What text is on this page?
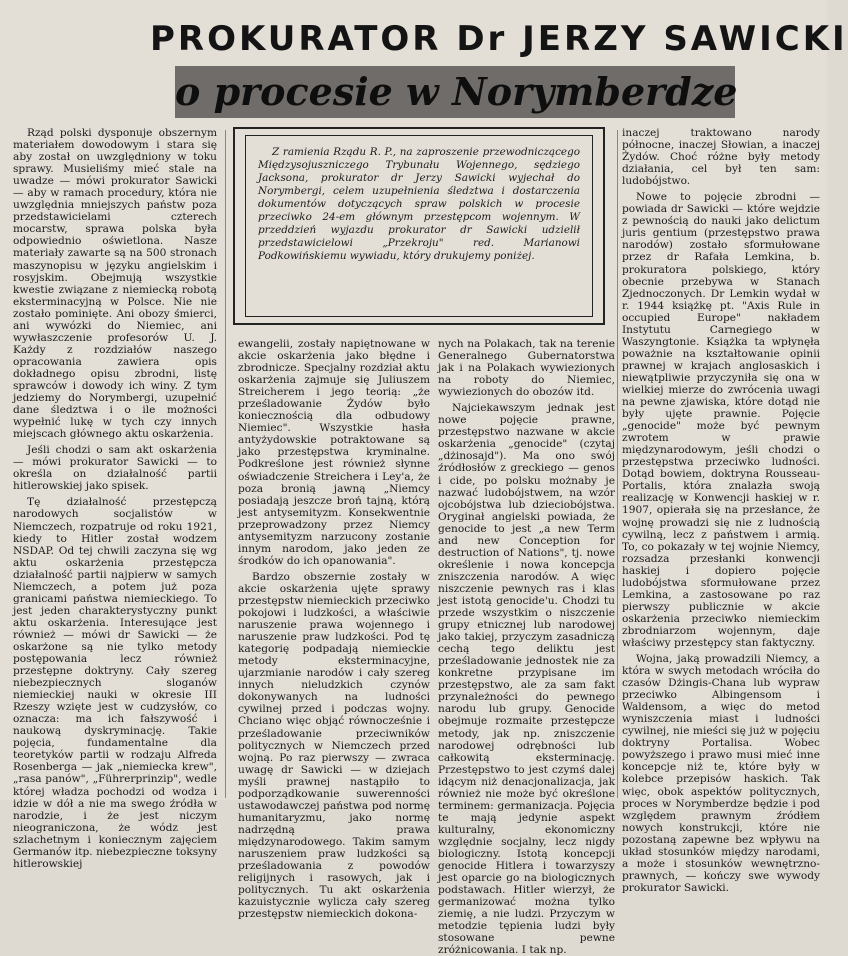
PROKURATOR Dr JERZY SAWICKI
o procesie w Norymberdze

Z ramienia Rządu R. P., na zaproszenie przewodniczącego Międzysojuszniczego Trybunału Wojennego, sędziego Jacksona, prokurator dr Jerzy Sawicki wyjechał do Norymbergi, celem uzupełnienia śledztwa i dostarczenia dokumentów dotyczących spraw polskich w procesie przeciwko 24-em głównym przestępcom wojennym. W przeddzień wyjazdu prokurator dr Sawicki udzielił przedstawicielowi „Przekroju" red. Marianowi Podkowińskiemu wywiadu, który drukujemy poniżej.

Rząd polski dysponuje obszernym materiałem dowodowym i stara się aby został on uwzględniony w toku sprawy. Musieliśmy mieć stale na uwadze — mówi prokurator Sawicki — aby w ramach procedury, która nie uwzględnia mniejszych państw poza przedstawicielami czterech mocarstw, sprawa polska była odpowiednio oświetlona. Nasze materiały zawarte są na 500 stronach maszynopisu w języku angielskim i rosyjskim. Obejmują wszystkie kwestie związane z niemiecką robotą eksterminacyjną w Polsce. Nie nie zostało pominięte. Ani obozy śmierci, ani wywózki do Niemiec, ani wywłaszczenie profesorów U. J. Każdy z rozdziałów naszego opracowania zawiera opis dokładnego opisu zbrodni, listę sprawców i dowody ich winy. Z tym jedziemy do Norymbergi, uzupełnić dane śledztwa i o ile możności wypełnić lukę w tych czy innych miejscach głównego aktu oskarżenia.

Jeśli chodzi o sam akt oskarżenia — mówi prokurator Sawicki — to określa on działalność partii hitlerowskiej jako spisek.

Tę działalność przestępczą narodowych socjalistów w Niemczech, rozpatruje od roku 1921, kiedy to Hitler został wodzem NSDAP. Od tej chwili zaczyna się wg aktu oskarżenia przestępcza działalność partii najpierw w samych Niemczech, a potem już poza granicami państwa niemieckiego. To jest jeden charakterystyczny punkt aktu oskarżenia. Interesujące jest również — mówi dr Sawicki — że oskarżone są nie tylko metody postępowania lecz również przestępne doktryny. Cały szereg niebezpiecznych sloganów niemieckiej nauki w okresie III Rzeszy wzięte jest w cudzysłów, co oznacza: ma ich fałszywość i naukową dyskryminację. Takie pojęcia, fundamentalne dla teoretyków partii w rodzaju Alfreda Rosenberga — jak „niemiecka krew", „rasa panów", „Führerprinzip", wedle której władza pochodzi od wodza i idzie w dół a nie ma swego źródła w narodzie, i że jest niczym nieograniczona, że wódz jest szlachetnym i koniecznym zajęciem Germanów itp. niebezpieczne toksyny hitlerowskiej

ewangelii, zostały napiętnowane w akcie oskarżenia jako błędne i zbrodnicze. Specjalny rozdział aktu oskarżenia zajmuje się Juliuszem Streicherem i jego teorią: „że prześladowanie Żydów było koniecznością dla odbudowy Niemiec". Wszystkie hasła antyżydowskie potraktowane są jako przestępstwa kryminalne. Podkreślone jest również słynne oświadczenie Streichera i Ley'a, że poza bronią jawną „Niemcy posiadają jeszcze broń tajną, którą jest antysemityzm. Konsekwentnie przeprowadzony przez Niemcy antysemityzm narzucony zostanie innym narodom, jako jeden ze środków do ich opanowania".

Bardzo obszernie zostały w akcie oskarżenia ujęte sprawy przestępstw niemieckich przeciwko pokojowi i ludzkości, a właściwie naruszenie prawa wojennego i naruszenie praw ludzkości. Pod tę kategorię podpadają niemieckie metody eksterminacyjne, ujarzmianie narodów i cały szereg innych nieludzkich czynów dokonywanych na ludności cywilnej przed i podczas wojny. Chciano więc objąć równocześnie i prześladowanie przeciwników politycznych w Niemczech przed wojną. Po raz pierwszy — zwraca uwagę dr Sawicki — w dziejach myśli prawnej nastąpiło to podporządkowanie suwerenności ustawodawczej państwa pod normę humanitaryzmu, jako normę nadrzędną prawa międzynarodowego. Takim samym naruszeniem praw ludzkości są prześladowania z powodów religijnych i rasowych, jak i politycznych. Tu akt oskarżenia kazuistycznie wylicza cały szereg przestępstw niemieckich dokona-

nych na Polakach, tak na terenie Generalnego Gubernatorstwa jak i na Polakach wywiezionych na roboty do Niemiec, wywiezionych do obozów itd.

Najciekawszym jednak jest nowe pojęcie prawne, przestępstwo nazwane w akcie oskarżenia „genocide" (czytaj „dżinosajd"). Ma ono swój źródłosłów z greckiego — genos i cide, po polsku możnaby je nazwać ludobójstwem, na wzór ojcobójstwa lub dzieciobójstwa. Oryginał angielski powiada, że genocide to jest „a new Term and new Conception for destruction of Nations", tj. nowe określenie i nowa koncepcja zniszczenia narodów. A więc niszczenie pewnych ras i klas jest istotą genocide'u. Chodzi tu przede wszystkim o niszczenie grupy etnicznej lub narodowej jako takiej, przyczym zasadniczą cechą tego deliktu jest prześladowanie jednostek nie za konkretne przypisane im przestępstwo, ale za sam fakt przynależności do pewnego narodu lub grupy. Genocide obejmuje rozmaite przestępcze metody, jak np. zniszczenie narodowej odrębności lub całkowitą eksterminację. Przestępstwo to jest czymś dalej idącym niż denacjonalizacja, jak również nie może być określone terminem: germanizacja. Pojęcia te mają jedynie aspekt kulturalny, ekonomiczny względnie socjalny, lecz nigdy biologiczny. Istotą koncepcji genocide Hitlera i towarzyszy jest oparcie go na biologicznych podstawach. Hitler wierzył, że germanizować można tylko ziemię, a nie ludzi. Przyczym w metodzie tępienia ludzi były stosowane pewne zróżnicowania. I tak np.

inaczej traktowano narody północne, inaczej Słowian, a inaczej Żydów. Choć różne były metody działania, cel był ten sam: ludobójstwo.

Nowe to pojęcie zbrodni — powiada dr Sawicki — które wejdzie z pewnością do nauki jako delictum juris gentium (przestępstwo prawa narodów) zostało sformułowane przez dr Rafała Lemkina, b. prokuratora polskiego, który obecnie przebywa w Stanach Zjednoczonych. Dr Lemkin wydał w r. 1944 książkę pt. "Axis Rule in occupied Europe" nakładem Instytutu Carnegiego w Waszyngtonie. Książka ta wpłynęła poważnie na kształtowanie opinii prawnej w krajach anglosaskich i niewątpliwie przyczyniła się ona w wielkiej mierze do zwrócenia uwagi na pewne zjawiska, które dotąd nie były ujęte prawnie. Pojęcie „genocide" może być pewnym zwrotem w prawie międzynarodowym, jeśli chodzi o przestępstwa przeciwko ludności. Dotąd bowiem, doktryna Rousseau-Portalis, która znalazła swoją realizację w Konwencji haskiej w r. 1907, opierała się na przesłance, że wojnę prowadzi się nie z ludnością cywilną, lecz z państwem i armią. To, co pokazały w tej wojnie Niemcy, rozsadza przesłanki konwencji haskiej i dopiero pojęcie ludobójstwa sformułowane przez Lemkina, a zastosowane po raz pierwszy publicznie w akcie oskarżenia przeciwko niemieckim zbrodniarzom wojennym, daje właściwy przestępcy stan faktyczny.

Wojna, jaką prowadzili Niemcy, a która w swych metodach wróciła do czasów Dżingis-Chana lub wypraw przeciwko Albingensom i Waldensom, a więc do metod wyniszczenia miast i ludności cywilnej, nie mieści się już w pojęciu doktryny Portalisa. Wobec powyższego i prawo musi mieć inne koncepcje niż te, które były w kolebce przepisów haskich. Tak więc, obok aspektów politycznych, proces w Norymberdze będzie i pod względem prawnym źródłem nowych konstrukcji, które nie pozostaną zapewne bez wpływu na układ stosunków między narodami, a może i stosunków wewnętrzno-prawnych, — kończy swe wywody prokurator Sawicki.
